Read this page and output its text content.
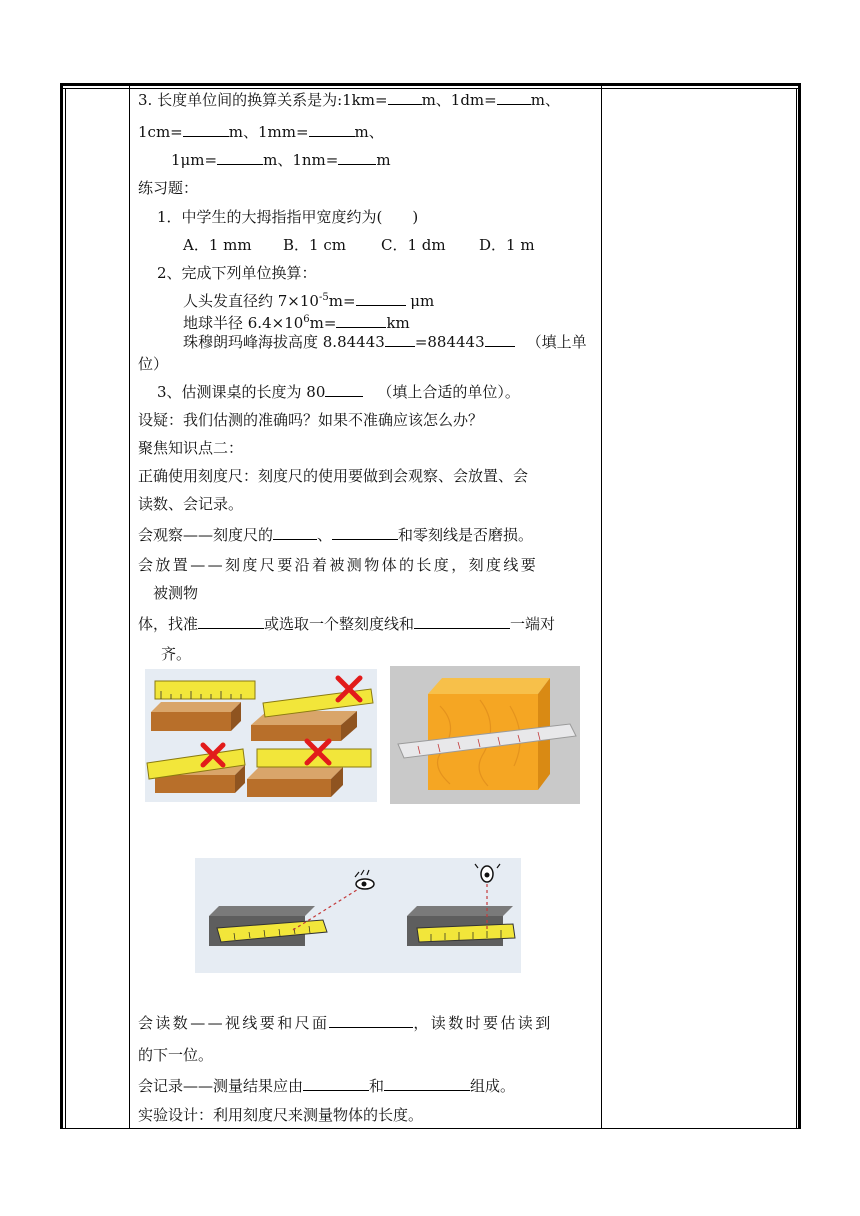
3. 长度单位间的换算关系是为:1km= m、1dm= m、
1cm=	m、1mm=	m、
1μm=	m、1nm=	m
练习题：
1．中学生的大拇指指甲宽度约为(　　)
A．1 mm B．1 cm C．1 dm D．1 m
2、完成下列单位换算：
人头发直径约 $7\times 10^{-5}m=$	μm
地球半径 $6.4\times 10^6m=$	km
珠穆朗玛峰海拔高度 8.84443 =884443	（填上单
位）
3、估测课桌的长度为 80	（填上合适的单位）。
设疑：我们估测的准确吗？如果不准确应该怎么办？
聚焦知识点二：
正确使用刻度尺：刻度尺的使用要做到会观察、会放置、会
读数、会记录。
会观察——刻度尺的	、	和零刻线是否磨损。
会放置——刻度尺要沿着被测物体的长度，刻度线要
被测物
体，找准	或选取一个整刻度线和	一端对
齐。
会读数——视线要和尺面	，读数时要估读到
的下一位。
会记录——测量结果应由	和	组成。
实验设计：利用刻度尺来测量物体的长度。
